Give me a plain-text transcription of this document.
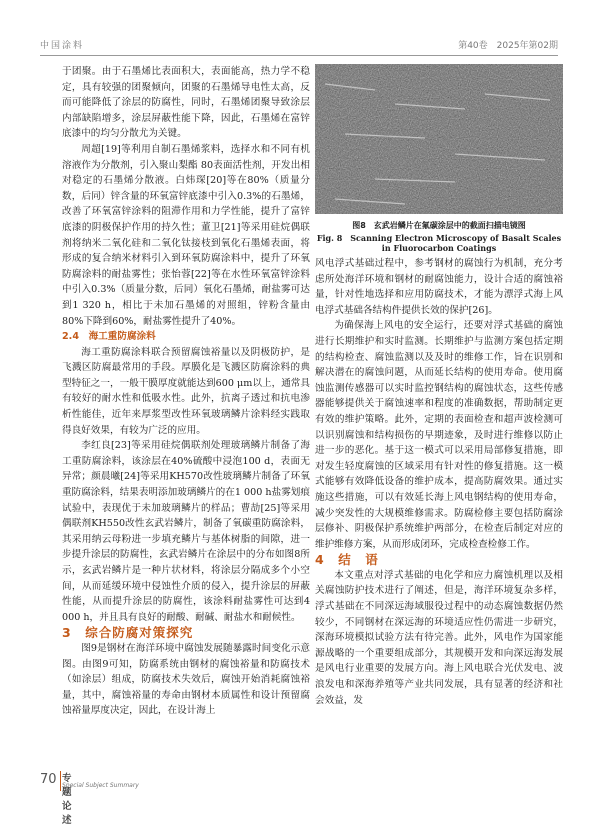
中国涂料	第40卷　2025年第02期

于团聚。由于石墨烯比表面积大，表面能高，热力学不稳定，具有较强的团聚倾向，团聚的石墨烯导电性太高，反而可能降低了涂层的防腐性，同时，石墨烯团聚导致涂层内部缺陷增多，涂层屏蔽性能下降，因此，石墨烯在富锌底漆中的均匀分散尤为关键。

周超[19]等利用自制石墨烯浆料，选择水和不同有机溶液作为分散剂，引入聚山梨酯 80表面活性剂，开发出相对稳定的石墨烯分散液。白炜琛[20]等在80%（质量分数，后同）锌含量的环氧富锌底漆中引入0.3%的石墨烯，改善了环氧富锌涂料的阻滞作用和力学性能，提升了富锌底漆的阴极保护作用的持久性；董卫[21]等采用硅烷偶联剂将纳米二氧化硅和二氧化钛接枝到氧化石墨烯表面，将形成的复合纳米材料引入到环氧防腐涂料中，提升了环氧防腐涂料的耐盐雾性；张怡蓉[22]等在水性环氧富锌涂料中引入0.3%（质量分数，后同）氧化石墨烯，耐盐雾可达到1 320 h，相比于未加石墨烯的对照组，锌粉含量由80%下降到60%，耐盐雾性提升了40%。

2.4　海工重防腐涂料

海工重防腐涂料联合预留腐蚀裕量以及阴极防护，是飞溅区防腐最常用的手段。厚膜化是飞溅区防腐涂料的典型特征之一，一般干膜厚度就能达到600 μm以上，通常具有较好的耐水性和低吸水性。此外，抗离子透过和抗电渗析性能佳，近年来厚浆型改性环氧玻璃鳞片涂料经实践取得良好效果，有较为广泛的应用。

李红良[23]等采用硅烷偶联剂处理玻璃鳞片制备了海工重防腐涂料，该涂层在40%硫酸中浸泡100 d，表面无异常；颜晨曦[24]等采用KH570改性玻璃鳞片制备了环氧重防腐涂料，结果表明添加玻璃鳞片的在1 000 h盐雾划痕试验中，表现优于未加玻璃鳞片的样品；曹劼[25]等采用偶联剂KH550改性玄武岩鳞片，制备了氧碳重防腐涂料，其采用纳云母粉进一步填充鳞片与基体树脂的间隙，进一步提升涂层的防腐性，玄武岩鳞片在涂层中的分布如图8所示，玄武岩鳞片是一种片状材料，将涂层分隔成多个小空间，从而延缓环境中侵蚀性介质的侵入，提升涂层的屏蔽性能，从而提升涂层的防腐性，该涂料耐盐雾性可达到4 000 h，并且具有良好的耐酸、耐碱、耐盐水和耐候性。

3　综合防腐对策探究

图9是钢材在海洋环境中腐蚀发展随暴露时间变化示意图。由图9可知，防腐系统由钢材的腐蚀裕量和防腐技术（如涂层）组成，防腐技术失效后，腐蚀开始消耗腐蚀裕量，其中，腐蚀裕量的寿命由钢材本质属性和设计预留腐蚀裕量厚度决定，因此，在设计海上

图8　玄武岩鳞片在氟碳涂层中的截面扫描电镜图
Fig. 8　Scanning Electron Microscopy of Basalt Scales in Fluorocarbon Coatings

风电浮式基础过程中，参考钢材的腐蚀行为机制，充分考虑所处海洋环境和钢材的耐腐蚀能力，设计合适的腐蚀裕量，针对性地选择和应用防腐技术，才能为漂浮式海上风电浮式基础各结构件提供长效的保护[26]。

为确保海上风电的安全运行，还要对浮式基础的腐蚀进行长期维护和实时监测。长期维护与监测方案包括定期的结构检查、腐蚀监测以及及时的维修工作，旨在识别和解决潜在的腐蚀问题，从而延长结构的使用寿命。使用腐蚀监测传感器可以实时监控钢结构的腐蚀状态，这些传感器能够提供关于腐蚀速率和程度的准确数据，帮助制定更有效的维护策略。此外，定期的表面检查和超声波检测可以识别腐蚀和结构损伤的早期迹象，及时进行维修以防止进一步的恶化。基于这一模式可以采用局部修复措施，即对发生轻度腐蚀的区域采用有针对性的修复措施。这一模式能够有效降低设备的维护成本，提高防腐效果。通过实施这些措施，可以有效延长海上风电钢结构的使用寿命，减少突发性的大规模维修需求。防腐检修主要包括防腐涂层修补、阴极保护系统维护两部分，在检查后制定对应的维护维修方案，从而形成闭环，完成检查检修工作。

4　结　语

本文重点对浮式基础的电化学和应力腐蚀机理以及相关腐蚀防护技术进行了阐述，但是，海洋环境复杂多样，浮式基础在不同深远海域服役过程中的动态腐蚀数据仍然较少，不同钢材在深远海的环境适应性仍需进一步研究，深海环境模拟试验方法有待完善。此外，风电作为国家能源战略的一个重要组成部分，其规模开发和向深远海发展是风电行业重要的发展方向。海上风电联合光伏发电、波浪发电和深海养殖等产业共同发展，具有显著的经济和社会效益，发

70 专题论述
Special Subject Summary
